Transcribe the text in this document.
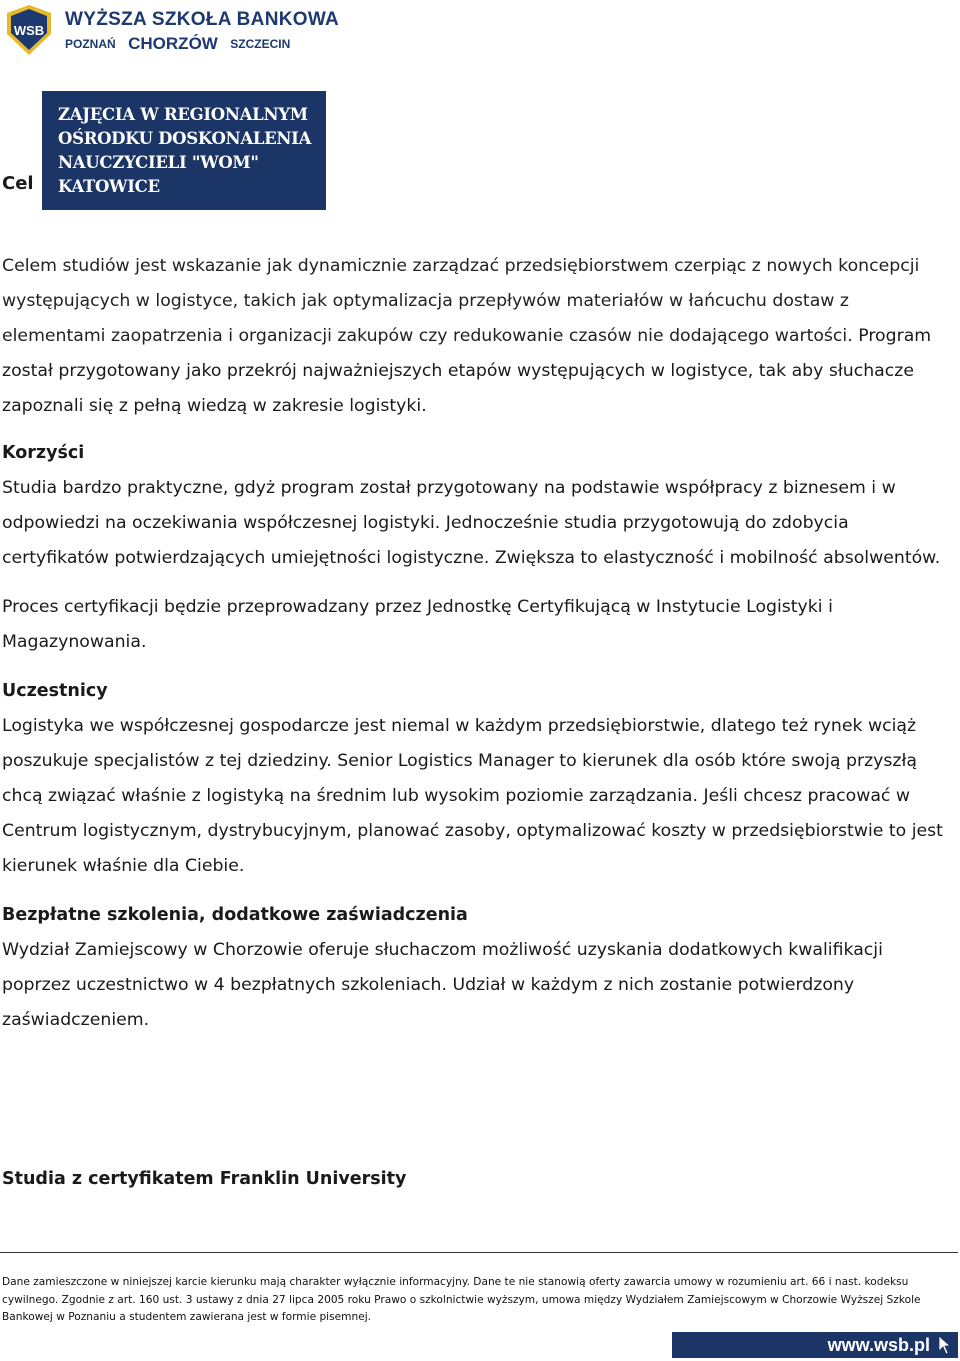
WSB
WYŻSZA SZKOŁA BANKOWA
POZNAŃ CHORZÓW SZCZECIN
Cel
ZAJĘCIA W REGIONALNYM
OŚRODKU DOSKONALENIA
NAUCZYCIELI "WOM"
KATOWICE

Celem studiów jest wskazanie jak dynamicznie zarządzać przedsiębiorstwem czerpiąc z nowych koncepcji występujących w logistyce, takich jak optymalizacja przepływów materiałów w łańcuchu dostaw z elementami zaopatrzenia i organizacji zakupów czy redukowanie czasów nie dodającego wartości. Program został przygotowany jako przekrój najważniejszych etapów występujących w logistyce, tak aby słuchacze zapoznali się z pełną wiedzą w zakresie logistyki.

Korzyści

Studia bardzo praktyczne, gdyż program został przygotowany na podstawie współpracy z biznesem i w odpowiedzi na oczekiwania współczesnej logistyki. Jednocześnie studia przygotowują do zdobycia certyfikatów potwierdzających umiejętności logistyczne. Zwiększa to elastyczność i mobilność absolwentów.

Proces certyfikacji będzie przeprowadzany przez Jednostkę Certyfikującą w Instytucie Logistyki i Magazynowania.

Uczestnicy

Logistyka we współczesnej gospodarcze jest niemal w każdym przedsiębiorstwie, dlatego też rynek wciąż poszukuje specjalistów z tej dziedziny. Senior Logistics Manager to kierunek dla osób które swoją przyszłą chcą związać właśnie z logistyką na średnim lub wysokim poziomie zarządzania. Jeśli chcesz pracować w Centrum logistycznym, dystrybucyjnym, planować zasoby, optymalizować koszty w przedsiębiorstwie to jest kierunek właśnie dla Ciebie.

Bezpłatne szkolenia, dodatkowe zaświadczenia

Wydział Zamiejscowy w Chorzowie oferuje słuchaczom możliwość uzyskania dodatkowych kwalifikacji poprzez uczestnictwo w 4 bezpłatnych szkoleniach. Udział w każdym z nich zostanie potwierdzony zaświadczeniem.

Studia z certyfikatem Franklin University
Dane zamieszczone w niniejszej karcie kierunku mają charakter wyłącznie informacyjny. Dane te nie stanowią oferty zawarcia umowy w rozumieniu art. 66 i nast. kodeksu cywilnego. Zgodnie z art. 160 ust. 3 ustawy z dnia 27 lipca 2005 roku Prawo o szkolnictwie wyższym, umowa między Wydziałem Zamiejscowym w Chorzowie Wyższej Szkole Bankowej w Poznaniu a studentem zawierana jest w formie pisemnej.
www.wsb.pl
